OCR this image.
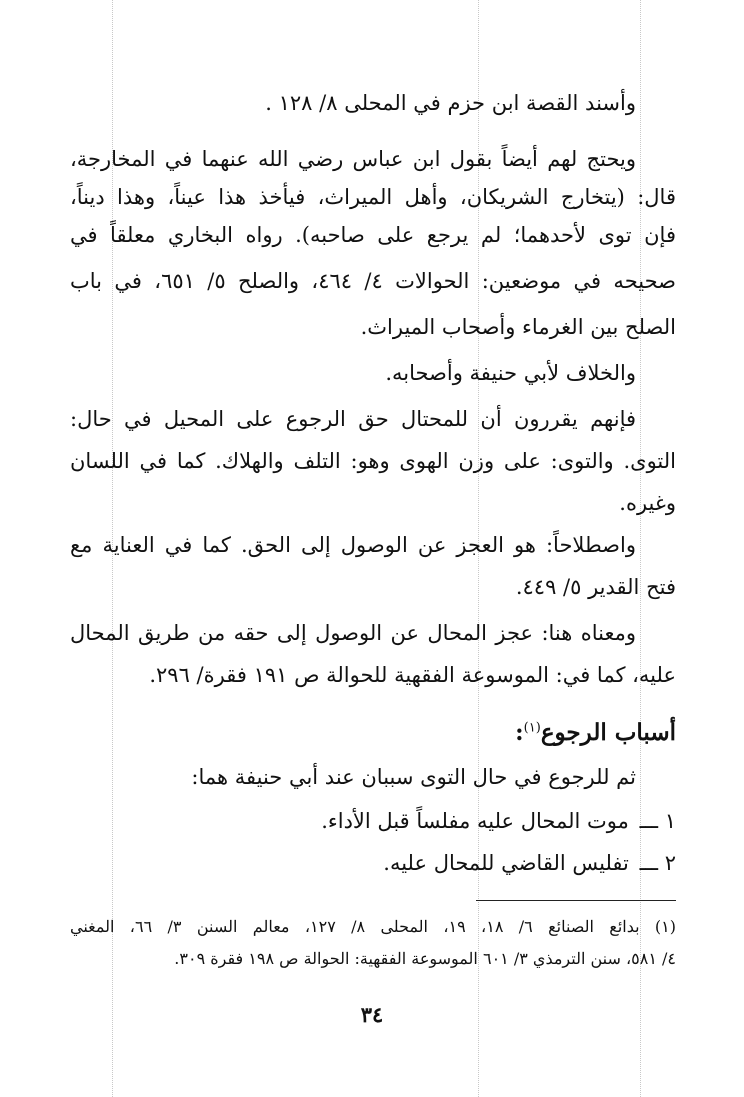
وأسند القصة ابن حزم في المحلى ٨/ ١٢٨ .
ويحتج لهم أيضاً بقول ابن عباس رضي الله عنهما في المخارجة،
قال: (يتخارج الشريكان، وأهل الميراث، فيأخذ هذا عيناً، وهذا ديناً،
فإن توى لأحدهما؛ لم يرجع على صاحبه). رواه البخاري معلقاً في
صحيحه في موضعين: الحوالات ٤/ ٤٦٤، والصلح ٥/ ٦٥١، في باب
الصلح بين الغرماء وأصحاب الميراث.
والخلاف لأبي حنيفة وأصحابه.
فإنهم يقررون أن للمحتال حق الرجوع على المحيل في حال:
التوى. والتوى: على وزن الهوى وهو: التلف والهلاك. كما في اللسان
وغيره.
واصطلاحاً: هو العجز عن الوصول إلى الحق. كما في العناية مع
فتح القدير ٥/ ٤٤٩.
ومعناه هنا: عجز المحال عن الوصول إلى حقه من طريق المحال
عليه، كما في: الموسوعة الفقهية للحوالة ص ١٩١ فقرة/ ٢٩٦.
أسباب الرجوع$^{(١)}$:
ثم للرجوع في حال التوى سببان عند أبي حنيفة هما:
١ ـــ موت المحال عليه مفلساً قبل الأداء.
٢ ـــ تفليس القاضي للمحال عليه.
(١) بدائع الصنائع ٦/ ١٨، ١٩، المحلى ٨/ ١٢٧، معالم السنن ٣/ ٦٦، المغني
٤/ ٥٨١، سنن الترمذي ٣/ ٦٠١ الموسوعة الفقهية: الحوالة ص ١٩٨ فقرة ٣٠٩.
٣٤
